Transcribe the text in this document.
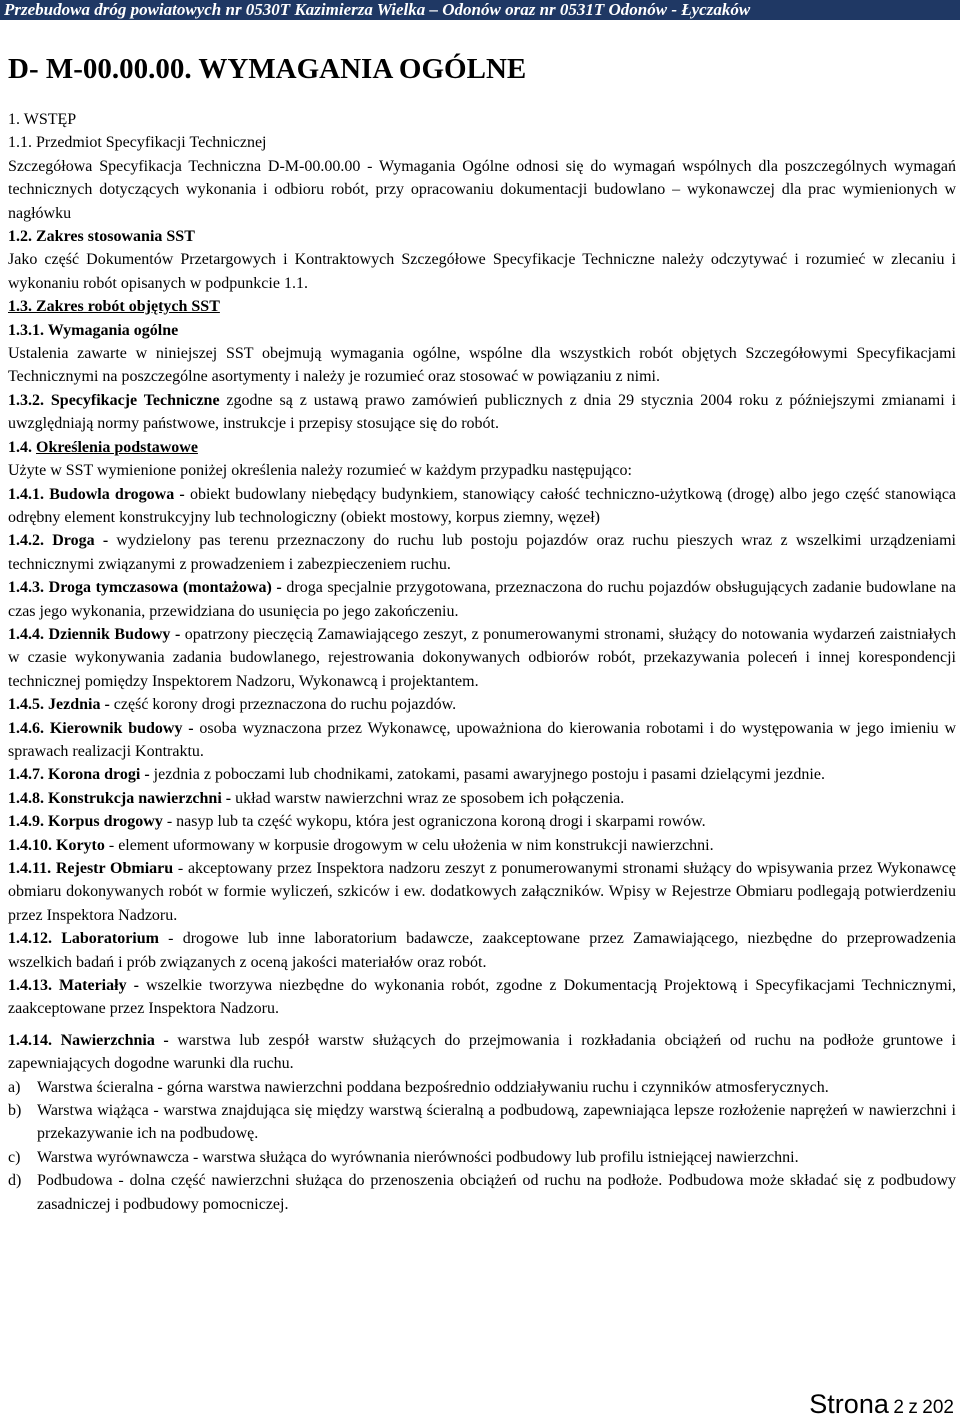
Przebudowa dróg powiatowych nr 0530T Kazimierza Wielka – Odonów oraz nr 0531T Odonów - Łyczaków
D- M-00.00.00. WYMAGANIA OGÓLNE

1. WSTĘP

1.1. Przedmiot Specyfikacji Technicznej

Szczegółowa Specyfikacja Techniczna D-M-00.00.00 - Wymagania Ogólne odnosi się do wymagań wspólnych dla poszczególnych wymagań technicznych dotyczących wykonania i odbioru robót, przy opracowaniu dokumentacji budowlano – wykonawczej dla prac wymienionych w nagłówku

1.2. Zakres stosowania SST

Jako część Dokumentów Przetargowych i Kontraktowych Szczegółowe Specyfikacje Techniczne należy odczytywać i rozumieć w zlecaniu i wykonaniu robót opisanych w podpunkcie 1.1.

1.3. Zakres robót objętych SST

1.3.1. Wymagania ogólne

Ustalenia zawarte w niniejszej SST obejmują wymagania ogólne, wspólne dla wszystkich robót objętych Szczegółowymi Specyfikacjami Technicznymi na poszczególne asortymenty i należy je rozumieć oraz stosować w powiązaniu z nimi.

1.3.2. Specyfikacje Techniczne zgodne są z ustawą prawo zamówień publicznych z dnia 29 stycznia 2004 roku z późniejszymi zmianami i uwzględniają normy państwowe, instrukcje i przepisy stosujące się do robót.

1.4. Określenia podstawowe

Użyte w SST wymienione poniżej określenia należy rozumieć w każdym przypadku następująco:

1.4.1. Budowla drogowa - obiekt budowlany niebędący budynkiem, stanowiący całość techniczno-użytkową (drogę) albo jego część stanowiąca odrębny element konstrukcyjny lub technologiczny (obiekt mostowy, korpus ziemny, węzeł)

1.4.2. Droga - wydzielony pas terenu przeznaczony do ruchu lub postoju pojazdów oraz ruchu pieszych wraz z wszelkimi urządzeniami technicznymi związanymi z prowadzeniem i zabezpieczeniem ruchu.

1.4.3. Droga tymczasowa (montażowa) - droga specjalnie przygotowana, przeznaczona do ruchu pojazdów obsługujących zadanie budowlane na czas jego wykonania, przewidziana do usunięcia po jego zakończeniu.

1.4.4. Dziennik Budowy - opatrzony pieczęcią Zamawiającego zeszyt, z ponumerowanymi stronami, służący do notowania wydarzeń zaistniałych w czasie wykonywania zadania budowlanego, rejestrowania dokonywanych odbiorów robót, przekazywania poleceń i innej korespondencji technicznej pomiędzy Inspektorem Nadzoru, Wykonawcą i projektantem.

1.4.5. Jezdnia - część korony drogi przeznaczona do ruchu pojazdów.

1.4.6. Kierownik budowy - osoba wyznaczona przez Wykonawcę, upoważniona do kierowania robotami i do występowania w jego imieniu w sprawach realizacji Kontraktu.

1.4.7. Korona drogi - jezdnia z poboczami lub chodnikami, zatokami, pasami awaryjnego postoju i pasami dzielącymi jezdnie.

1.4.8. Konstrukcja nawierzchni - układ warstw nawierzchni wraz ze sposobem ich połączenia.

1.4.9. Korpus drogowy - nasyp lub ta część wykopu, która jest ograniczona koroną drogi i skarpami rowów.

1.4.10. Koryto - element uformowany w korpusie drogowym w celu ułożenia w nim konstrukcji nawierzchni.

1.4.11. Rejestr Obmiaru - akceptowany przez Inspektora nadzoru zeszyt z ponumerowanymi stronami służący do wpisywania przez Wykonawcę obmiaru dokonywanych robót w formie wyliczeń, szkiców i ew. dodatkowych załączników. Wpisy w Rejestrze Obmiaru podlegają potwierdzeniu przez Inspektora Nadzoru.

1.4.12. Laboratorium - drogowe lub inne laboratorium badawcze, zaakceptowane przez Zamawiającego, niezbędne do przeprowadzenia wszelkich badań i prób związanych z oceną jakości materiałów oraz robót.

1.4.13. Materiały - wszelkie tworzywa niezbędne do wykonania robót, zgodne z Dokumentacją Projektową i Specyfikacjami Technicznymi, zaakceptowane przez Inspektora Nadzoru.

1.4.14. Nawierzchnia - warstwa lub zespół warstw służących do przejmowania i rozkładania obciążeń od ruchu na podłoże gruntowe i zapewniających dogodne warunki dla ruchu.

a) Warstwa ścieralna - górna warstwa nawierzchni poddana bezpośrednio oddziaływaniu ruchu i czynników atmosferycznych.
b) Warstwa wiążąca - warstwa znajdująca się między warstwą ścieralną a podbudową, zapewniająca lepsze rozłożenie naprężeń w nawierzchni i przekazywanie ich na podbudowę.
c) Warstwa wyrównawcza - warstwa służąca do wyrównania nierówności podbudowy lub profilu istniejącej nawierzchni.
d) Podbudowa - dolna część nawierzchni służąca do przenoszenia obciążeń od ruchu na podłoże. Podbudowa może składać się z podbudowy zasadniczej i podbudowy pomocniczej.
Strona 2 z 202
